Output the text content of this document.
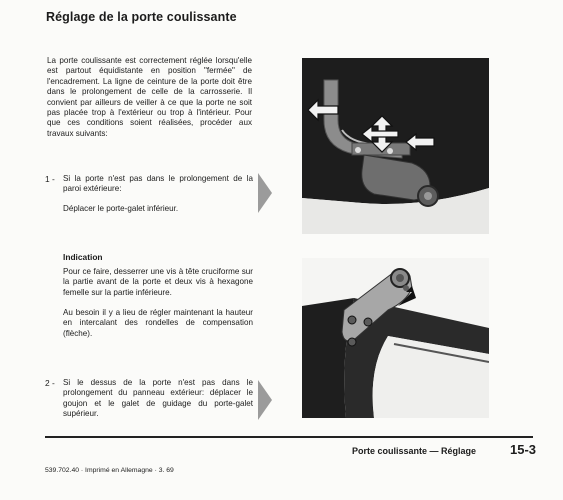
Réglage de la porte coulissante
La porte coulissante est correctement réglée lorsqu'elle est partout équidistante en position "fermée" de l'encadrement. La ligne de ceinture de la porte doit être dans le prolongement de celle de la carrosserie. Il convient par ailleurs de veiller à ce que la porte ne soit pas placée trop à l'extérieur ou trop à l'intérieur. Pour que ces conditions soient réalisées, procéder aux travaux suivants:
1 - Si la porte n'est pas dans le prolongement de la paroi extérieure:
Déplacer le porte-galet inférieur.
Indication
Pour ce faire, desserrer une vis à tête cruciforme sur la partie avant de la porte et deux vis à hexagone femelle sur la partie inférieure.
Au besoin il y a lieu de régler maintenant la hauteur en intercalant des rondelles de compensation (flèche).
2 - Si le dessus de la porte n'est pas dans le prolongement du panneau extérieur: déplacer le goujon et le galet de guidage du porte-galet supérieur.
Porte coulissante — Réglage	15-3
539.702.40 · Imprimé en Allemagne · 3. 69
